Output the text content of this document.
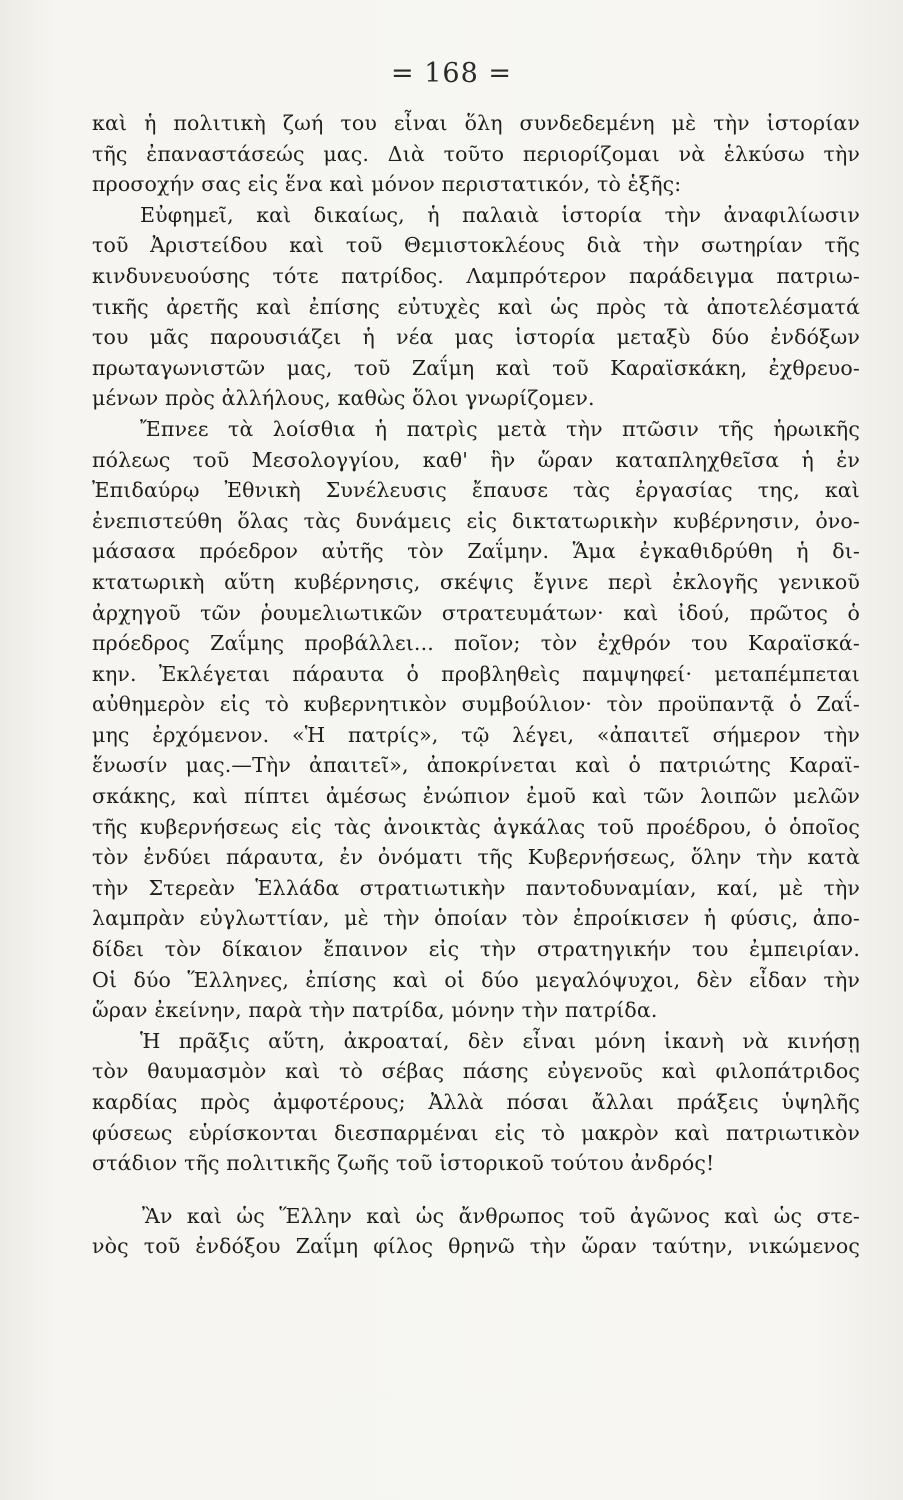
= 168 =
καὶ ἡ πολιτικὴ ζωή του εἶναι ὅλη συνδεδεμένη μὲ τὴν ἱστορίαν
τῆς ἐπαναστάσεώς μας. Διὰ τοῦτο περιορίζομαι νὰ ἑλκύσω τὴν
προσοχήν σας εἰς ἕνα καὶ μόνον περιστατικόν, τὸ ἑξῆς:
Εὐφημεῖ, καὶ δικαίως, ἡ παλαιὰ ἱστορία τὴν ἀναφιλίωσιν
τοῦ Ἀριστείδου καὶ τοῦ Θεμιστοκλέους διὰ τὴν σωτηρίαν τῆς
κινδυνευούσης τότε πατρίδος. Λαμπρότερον παράδειγμα πατριω-
τικῆς ἀρετῆς καὶ ἐπίσης εὐτυχὲς καὶ ὡς πρὸς τὰ ἀποτελέσματά
του μᾶς παρουσιάζει ἡ νέα μας ἱστορία μεταξὺ δύο ἐνδόξων
πρωταγωνιστῶν μας, τοῦ Ζαΐμη καὶ τοῦ Καραϊσκάκη, ἐχθρευο-
μένων πρὸς ἀλλήλους, καθὼς ὅλοι γνωρίζομεν.
Ἔπνεε τὰ λοίσθια ἡ πατρὶς μετὰ τὴν πτῶσιν τῆς ἡρωικῆς
πόλεως τοῦ Μεσολογγίου, καθ' ἣν ὥραν καταπληχθεῖσα ἡ ἐν
Ἐπιδαύρῳ Ἐθνικὴ Συνέλευσις ἔπαυσε τὰς ἐργασίας της, καὶ
ἐνεπιστεύθη ὅλας τὰς δυνάμεις εἰς δικτατωρικὴν κυβέρνησιν, ὀνο-
μάσασα πρόεδρον αὐτῆς τὸν Ζαΐμην. Ἅμα ἐγκαθιδρύθη ἡ δι-
κτατωρικὴ αὕτη κυβέρνησις, σκέψις ἔγινε περὶ ἐκλογῆς γενικοῦ
ἀρχηγοῦ τῶν ῥουμελιωτικῶν στρατευμάτων· καὶ ἰδού, πρῶτος ὁ
πρόεδρος Ζαΐμης προβάλλει... ποῖον; τὸν ἐχθρόν του Καραϊσκά-
κην. Ἐκλέγεται πάραυτα ὁ προβληθεὶς παμψηφεί· μεταπέμπεται
αὐθημερὸν εἰς τὸ κυβερνητικὸν συμβούλιον· τὸν προϋπαντᾷ ὁ Ζαΐ-
μης ἐρχόμενον. «Ἡ πατρίς», τῷ λέγει, «ἀπαιτεῖ σήμερον τὴν
ἕνωσίν μας.—Τὴν ἀπαιτεῖ», ἀποκρίνεται καὶ ὁ πατριώτης Καραϊ-
σκάκης, καὶ πίπτει ἀμέσως ἐνώπιον ἐμοῦ καὶ τῶν λοιπῶν μελῶν
τῆς κυβερνήσεως εἰς τὰς ἀνοικτὰς ἀγκάλας τοῦ προέδρου, ὁ ὁποῖος
τὸν ἐνδύει πάραυτα, ἐν ὀνόματι τῆς Κυβερνήσεως, ὅλην τὴν κατὰ
τὴν Στερεὰν Ἑλλάδα στρατιωτικὴν παντοδυναμίαν, καί, μὲ τὴν
λαμπρὰν εὐγλωττίαν, μὲ τὴν ὁποίαν τὸν ἐπροίκισεν ἡ φύσις, ἀπο-
δίδει τὸν δίκαιον ἔπαινον εἰς τὴν στρατηγικήν του ἐμπειρίαν.
Οἱ δύο Ἕλληνες, ἐπίσης καὶ οἱ δύο μεγαλόψυχοι, δὲν εἶδαν τὴν
ὥραν ἐκείνην, παρὰ τὴν πατρίδα, μόνην τὴν πατρίδα.
Ἡ πρᾶξις αὕτη, ἀκροαταί, δὲν εἶναι μόνη ἱκανὴ νὰ κινήσῃ
τὸν θαυμασμὸν καὶ τὸ σέβας πάσης εὐγενοῦς καὶ φιλοπάτριδος
καρδίας πρὸς ἀμφοτέρους; Ἀλλὰ πόσαι ἄλλαι πράξεις ὑψηλῆς
φύσεως εὑρίσκονται διεσπαρμέναι εἰς τὸ μακρὸν καὶ πατριωτικὸν
στάδιον τῆς πολιτικῆς ζωῆς τοῦ ἱστορικοῦ τούτου ἀνδρός!
Ἂν καὶ ὡς Ἕλλην καὶ ὡς ἄνθρωπος τοῦ ἀγῶνος καὶ ὡς στε-
νὸς τοῦ ἐνδόξου Ζαΐμη φίλος θρηνῶ τὴν ὥραν ταύτην, νικώμενος
